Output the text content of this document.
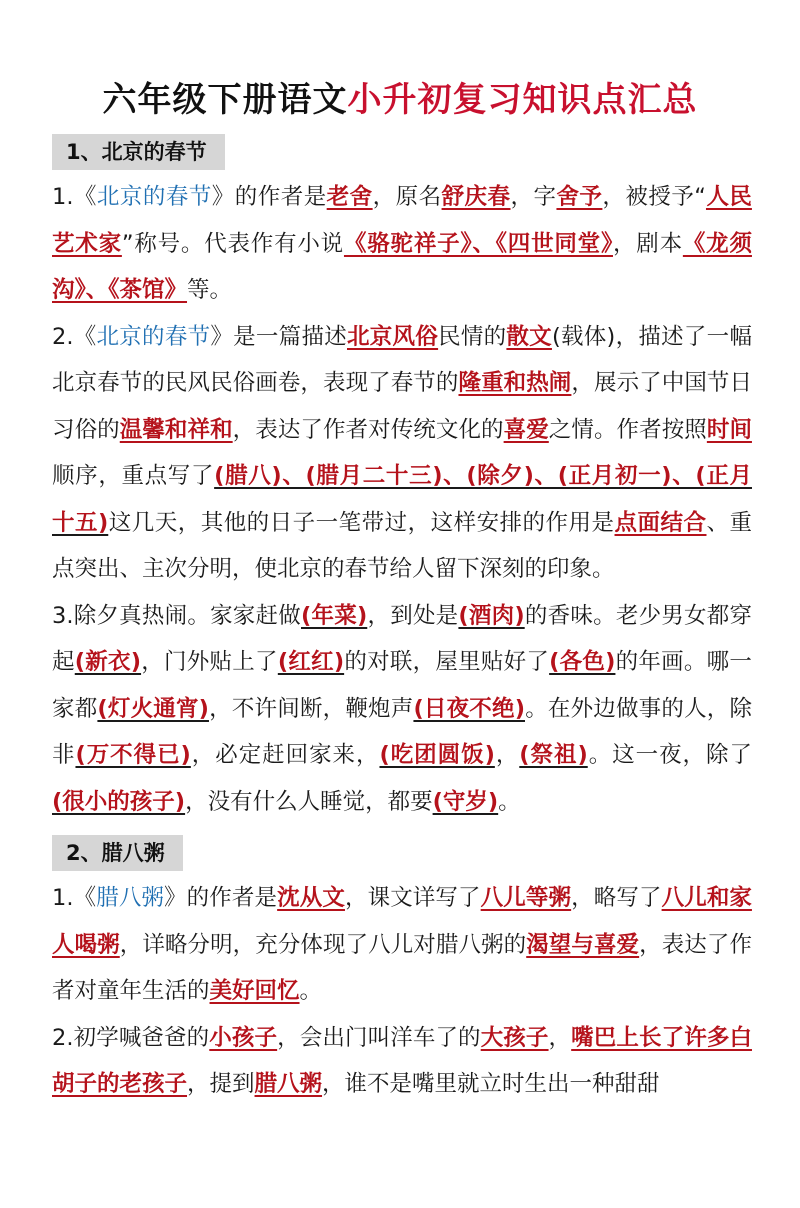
六年级下册语文小升初复习知识点汇总
1、北京的春节

1.《北京的春节》的作者是老舍，原名舒庆春，字舍予，被授予“人民艺术家”称号。代表作有小说《骆驼祥子》、《四世同堂》，剧本《龙须沟》、《茶馆》等。

2.《北京的春节》是一篇描述北京风俗民情的散文(载体)，描述了一幅北京春节的民风民俗画卷，表现了春节的隆重和热闹，展示了中国节日习俗的温馨和祥和，表达了作者对传统文化的喜爱之情。作者按照时间顺序，重点写了(腊八)、(腊月二十三)、(除夕)、(正月初一)、(正月十五)这几天，其他的日子一笔带过，这样安排的作用是点面结合、重点突出、主次分明，使北京的春节给人留下深刻的印象。

3.除夕真热闹。家家赶做(年菜)，到处是(酒肉)的香味。老少男女都穿起(新衣)，门外贴上了(红红)的对联，屋里贴好了(各色)的年画。哪一家都(灯火通宵)，不许间断，鞭炮声(日夜不绝)。在外边做事的人，除非(万不得已)，必定赶回家来，(吃团圆饭)，(祭祖)。这一夜，除了(很小的孩子)，没有什么人睡觉，都要(守岁)。

2、腊八粥

1.《腊八粥》的作者是沈从文，课文详写了八儿等粥，略写了八儿和家人喝粥，详略分明，充分体现了八儿对腊八粥的渴望与喜爱，表达了作者对童年生活的美好回忆。

2.初学喊爸爸的小孩子，会出门叫洋车了的大孩子，嘴巴上长了许多白胡子的老孩子，提到腊八粥，谁不是嘴里就立时生出一种甜甜
